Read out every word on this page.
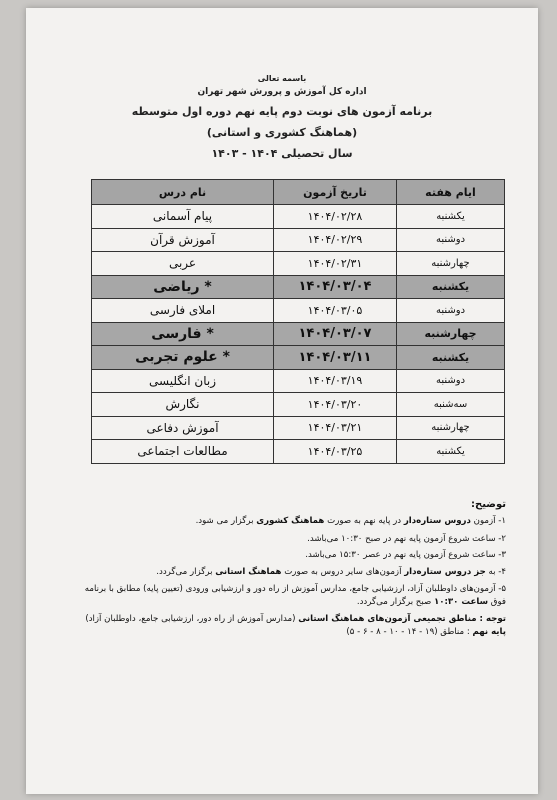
باسمه تعالی
اداره کل آموزش و پرورش شهر تهران
برنامه آزمون های نوبت دوم پایه نهم دوره اول متوسطه
(هماهنگ کشوری و استانی)
سال تحصیلی ۱۴۰۴ - ۱۴۰۳
ایام هفته	تاریخ آزمون	نام درس
یکشنبه	۱۴۰۴/۰۲/۲۸	پیام آسمانی
دوشنبه	۱۴۰۴/۰۲/۲۹	آموزش قرآن
چهارشنبه	۱۴۰۴/۰۲/۳۱	عربی
یکشنبه	۱۴۰۴/۰۳/۰۴	* ریاضی
دوشنبه	۱۴۰۴/۰۳/۰۵	املای فارسی
چهارشنبه	۱۴۰۴/۰۳/۰۷	* فارسی
یکشنبه	۱۴۰۴/۰۳/۱۱	* علوم تجربی
دوشنبه	۱۴۰۴/۰۳/۱۹	زبان انگلیسی
سه‌شنبه	۱۴۰۴/۰۳/۲۰	نگارش
چهارشنبه	۱۴۰۴/۰۳/۲۱	آموزش دفاعی
یکشنبه	۱۴۰۴/۰۳/۲۵	مطالعات اجتماعی
توضیح:
۱- آزمون دروس ستاره‌دار در پایه نهم به صورت هماهنگ کشوری برگزار می شود.
۲- ساعت شروع آزمون پایه نهم در صبح ۱۰:۳۰ می‌باشد.
۳- ساعت شروع آزمون پایه نهم در عصر ۱۵:۳۰ می‌باشد.
۴- به جز دروس ستاره‌دار آزمون‌های سایر دروس به صورت هماهنگ استانی برگزار می‌گردد.
۵- آزمون‌های داوطلبان آزاد، ارزشیابی جامع، مدارس آموزش از راه دور و ارزشیابی ورودی (تعیین پایه) مطابق با برنامه فوق ساعت ۱۰:۳۰ صبح برگزار می‌گردد.
توجه : مناطق تجمیعی آزمون‌های هماهنگ استانی (مدارس آموزش از راه دور، ارزشیابی جامع، داوطلبان آزاد) پایه نهم : مناطق (۱۹ - ۱۴ - ۱۰ - ۸ - ۶ - ۵)
